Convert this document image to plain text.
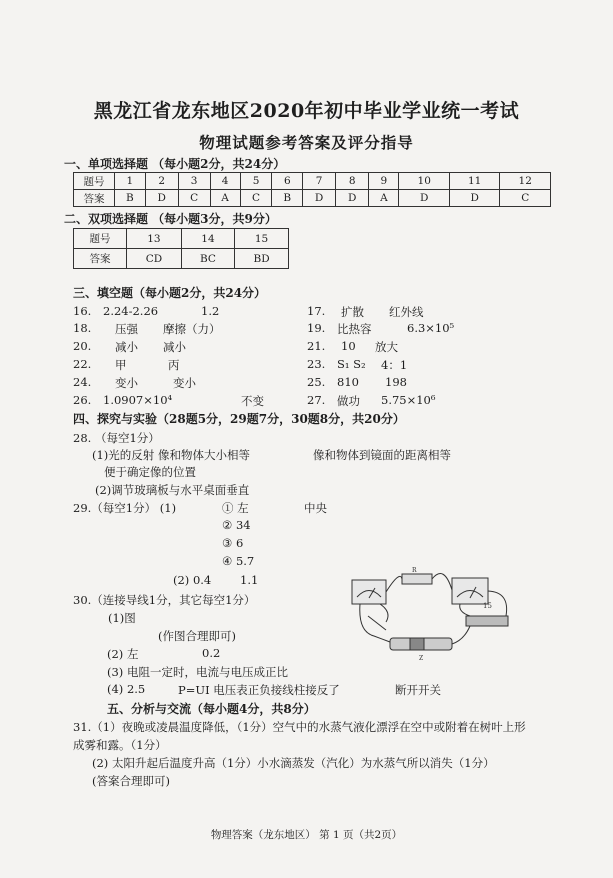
黑龙江省龙东地区2020年初中毕业学业统一考试
物理试题参考答案及评分指导
一、单项选择题 （每小题2分，共24分）
题号	1	2	3	4	5	6	7	8	9	10	11	12
答案	B	D	C	A	C	B	D	D	A	D	D	C
二、双项选择题 （每小题3分，共9分）
题号	13	14	15
答案	CD	BC	BD
三、填空题（每小题2分，共24分）
16. 2.24-2.26	1.2	17. 扩散 红外线
18. 压强 摩擦（力）	19. 比热容	6.3×10⁵
20. 减小 减小	21. 10 放大
22. 甲	丙	23. S₁ S₂ 4：1
24. 变小	变小	25. 810 198
26. 1.0907×10⁴	不变	27. 做功 5.75×10⁶
四、探究与实验（28题5分，29题7分，30题8分，共20分）
28. （每空1分）
(1)光的反射 像和物体大小相等	像和物体到镜面的距离相等
便于确定像的位置
(2)调节玻璃板与水平桌面垂直
29.（每空1分） (1)	① 左	中央
② 34
③ 6
④ 5.7
(2) 0.4	1.1
30.（连接导线1分，其它每空1分）
(1)图
(作图合理即可)
(2) 左	0.2
(3) 电阻一定时，电流与电压成正比
(4) 2.5	P=UI 电压表正负接线柱接反了	断开开关
R
15
Z
五、分析与交流（每小题4分，共8分）
31.（1）夜晚或凌晨温度降低，（1分）空气中的水蒸气液化漂浮在空中或附着在树叶上形
成雾和露。（1分）
(2) 太阳升起后温度升高（1分）小水滴蒸发（汽化）为水蒸气所以消失（1分）
(答案合理即可)
物理答案（龙东地区） 第 1 页（共2页）
